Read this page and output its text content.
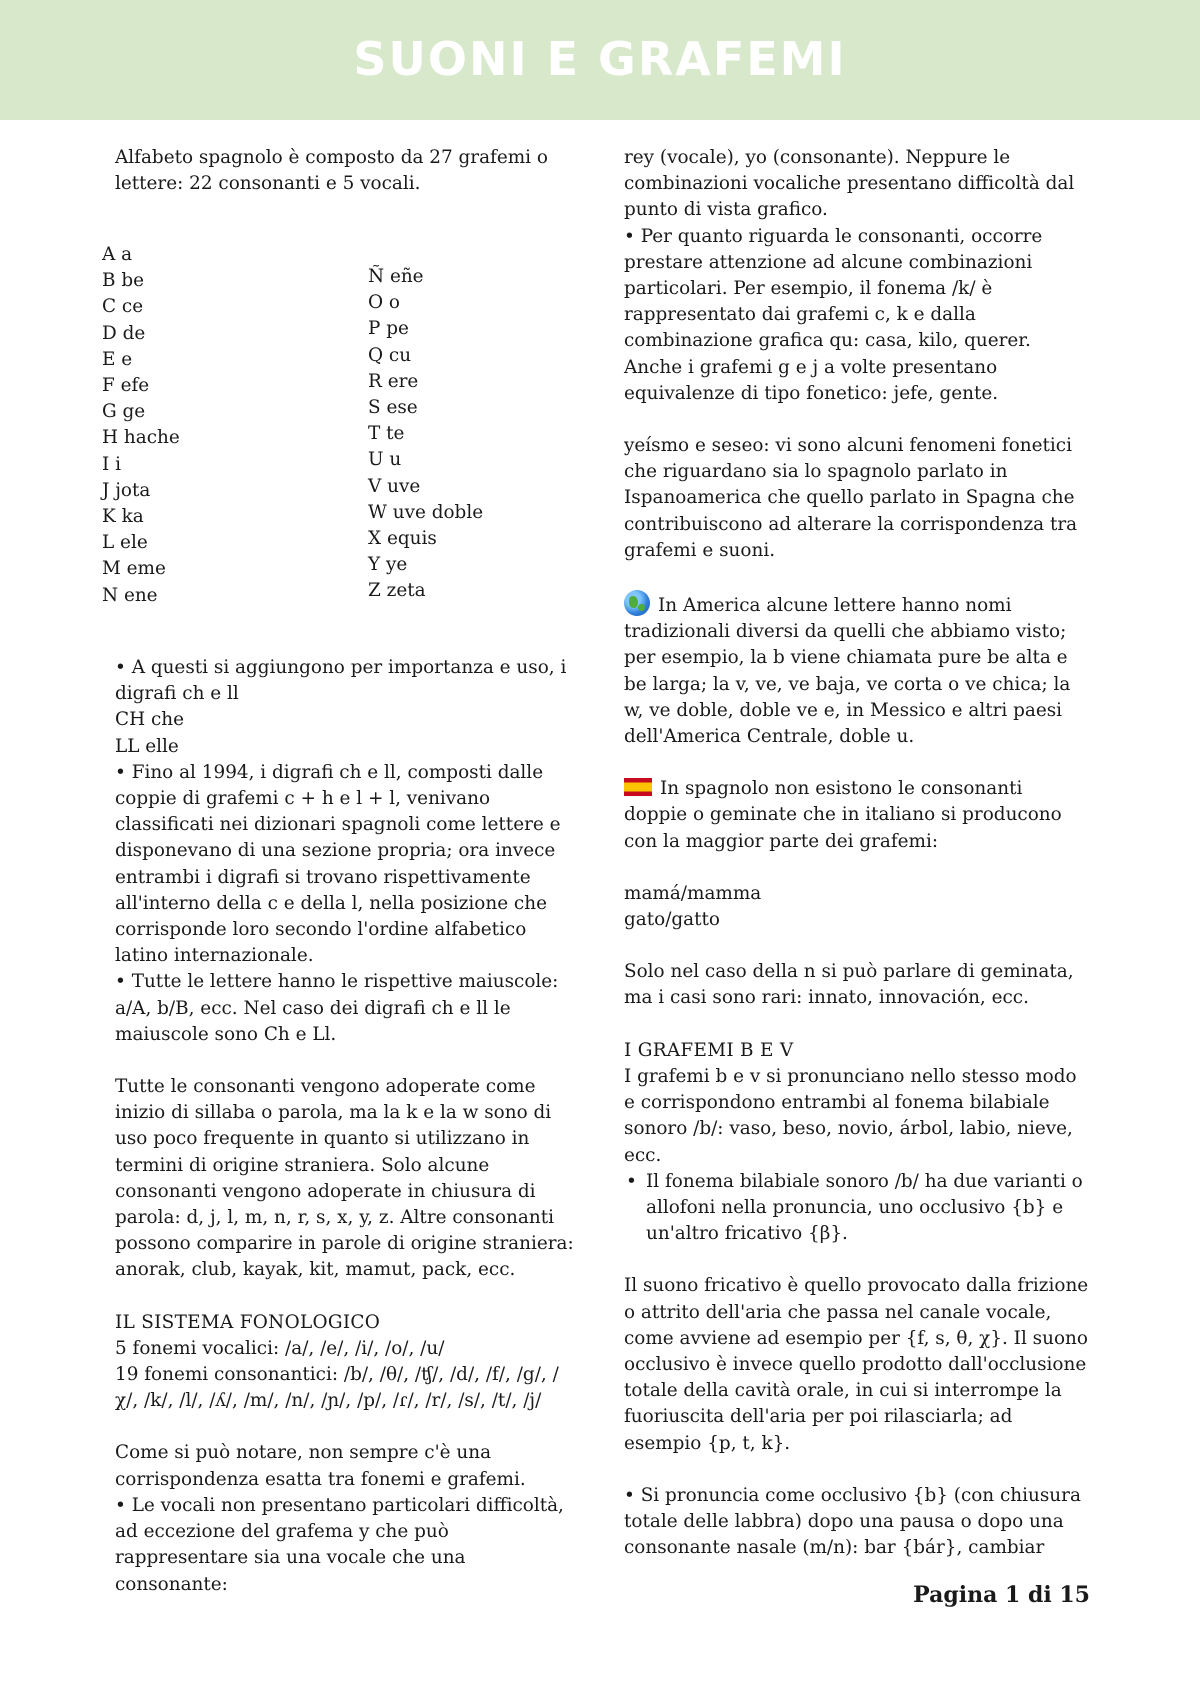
SUONI E GRAFEMI

Alfabeto spagnolo è composto da 27 grafemi o lettere: 22 consonanti e 5 vocali.

A a
B be
C ce
D de
E e
F efe
G ge
H hache
I i
J jota
K ka
L ele
M eme
N ene
Ñ eñe
O o
P pe
Q cu
R ere
S ese
T te
U u
V uve
W uve doble
X equis
Y ye
Z zeta

• A questi si aggiungono per importanza e uso, i digrafi ch e ll

CH che

LL elle

• Fino al 1994, i digrafi ch e ll, composti dalle coppie di grafemi c + h e l + l, venivano classificati nei dizionari spagnoli come lettere e disponevano di una sezione propria; ora invece entrambi i digrafi si trovano rispettivamente all'interno della c e della l, nella posizione che corrisponde loro secondo l'ordine alfabetico latino internazionale.

• Tutte le lettere hanno le rispettive maiuscole: a/A, b/B, ecc. Nel caso dei digrafi ch e ll le maiuscole sono Ch e Ll.

Tutte le consonanti vengono adoperate come inizio di sillaba o parola, ma la k e la w sono di uso poco frequente in quanto si utilizzano in termini di origine straniera. Solo alcune consonanti vengono adoperate in chiusura di parola: d, j, l, m, n, r, s, x, y, z. Altre consonanti possono comparire in parole di origine straniera: anorak, club, kayak, kit, mamut, pack, ecc.

IL SISTEMA FONOLOGICO

5 fonemi vocalici: /a/, /e/, /i/, /o/, /u/

19 fonemi consonantici: /b/, /θ/, /ʧ/, /d/, /f/, /g/, /χ/, /k/, /l/, /ʎ/, /m/, /n/, /ɲ/, /p/, /ɾ/, /r/, /s/, /t/, /j/

Come si può notare, non sempre c'è una corrispondenza esatta tra fonemi e grafemi.

• Le vocali non presentano particolari difficoltà, ad eccezione del grafema y che può rappresentare sia una vocale che una consonante:

rey (vocale), yo (consonante). Neppure le combinazioni vocaliche presentano difficoltà dal punto di vista grafico.

• Per quanto riguarda le consonanti, occorre prestare attenzione ad alcune combinazioni particolari. Per esempio, il fonema /k/ è rappresentato dai grafemi c, k e dalla combinazione grafica qu: casa, kilo, querer. Anche i grafemi g e j a volte presentano equivalenze di tipo fonetico: jefe, gente.

yeísmo e seseo: vi sono alcuni fenomeni fonetici che riguardano sia lo spagnolo parlato in Ispanoamerica che quello parlato in Spagna che contribuiscono ad alterare la corrispondenza tra grafemi e suoni.

In America alcune lettere hanno nomi tradizionali diversi da quelli che abbiamo visto; per esempio, la b viene chiamata pure be alta e be larga; la v, ve, ve baja, ve corta o ve chica; la w, ve doble, doble ve e, in Messico e altri paesi dell'America Centrale, doble u.

In spagnolo non esistono le consonanti doppie o geminate che in italiano si producono con la maggior parte dei grafemi:

mamá/mamma

gato/gatto

Solo nel caso della n si può parlare di geminata, ma i casi sono rari: innato, innovación, ecc.

I GRAFEMI B E V

I grafemi b e v si pronunciano nello stesso modo e corrispondono entrambi al fonema bilabiale sonoro /b/: vaso, beso, novio, árbol, labio, nieve, ecc.

• Il fonema bilabiale sonoro /b/ ha due varianti o allofoni nella pronuncia, uno occlusivo {b} e un'altro fricativo {β}.

Il suono fricativo è quello provocato dalla frizione o attrito dell'aria che passa nel canale vocale, come avviene ad esempio per {f, s, θ, χ}. Il suono occlusivo è invece quello prodotto dall'occlusione totale della cavità orale, in cui si interrompe la fuoriuscita dell'aria per poi rilasciarla; ad esempio {p, t, k}.

• Si pronuncia come occlusivo {b} (con chiusura totale delle labbra) dopo una pausa o dopo una consonante nasale (m/n): bar {bár}, cambiar

Pagina 1 di 15
